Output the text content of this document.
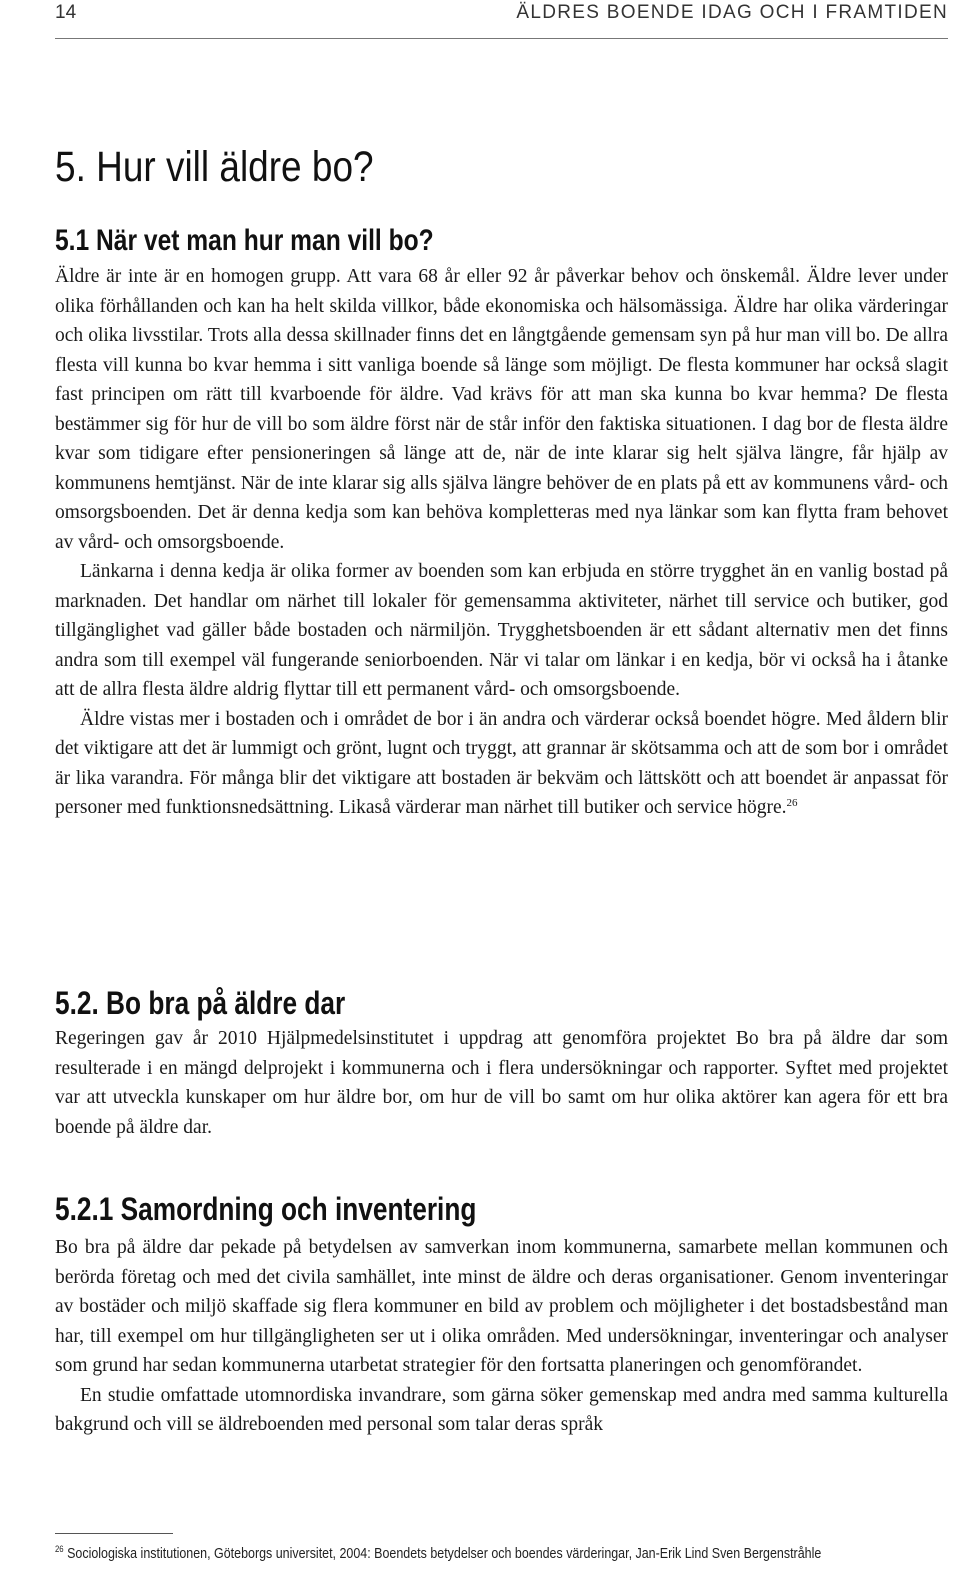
14	ÄLDRES BOENDE IDAG OCH I FRAMTIDEN
5. Hur vill äldre bo?
5.1 När vet man hur man vill bo?

Äldre är inte är en homogen grupp. Att vara 68 år eller 92 år påverkar behov och önskemål. Äldre lever under olika förhållanden och kan ha helt skilda villkor, både ekonomiska och hälsomässiga. Äldre har olika värderingar och olika livsstilar. Trots alla dessa skillnader finns det en långtgående gemensam syn på hur man vill bo. De allra flesta vill kunna bo kvar hemma i sitt vanliga boende så länge som möjligt. De flesta kommuner har också slagit fast principen om rätt till kvarboende för äldre. Vad krävs för att man ska kunna bo kvar hemma? De flesta bestämmer sig för hur de vill bo som äldre först när de står inför den faktiska situationen. I dag bor de flesta äldre kvar som tidigare efter pensioneringen så länge att de, när de inte klarar sig helt själva längre, får hjälp av kommunens hemtjänst. När de inte klarar sig alls själva längre behöver de en plats på ett av kommunens vård- och omsorgsboenden. Det är denna kedja som kan behöva kompletteras med nya länkar som kan flytta fram behovet av vård- och omsorgsboende.

Länkarna i denna kedja är olika former av boenden som kan erbjuda en större trygghet än en vanlig bostad på marknaden. Det handlar om närhet till lokaler för gemensamma aktiviteter, närhet till service och butiker, god tillgänglighet vad gäller både bostaden och närmiljön. Trygghetsboenden är ett sådant alternativ men det finns andra som till exempel väl fungerande seniorboenden. När vi talar om länkar i en kedja, bör vi också ha i åtanke att de allra flesta äldre aldrig flyttar till ett permanent vård- och omsorgsboende.

Äldre vistas mer i bostaden och i området de bor i än andra och värderar också boendet högre. Med åldern blir det viktigare att det är lummigt och grönt, lugnt och tryggt, att grannar är skötsamma och att de som bor i området är lika varandra. För många blir det viktigare att bostaden är bekväm och lättskött och att boendet är anpassat för personer med funktionsnedsättning. Likaså värderar man närhet till butiker och service högre.$^{26}$

5.2. Bo bra på äldre dar

Regeringen gav år 2010 Hjälpmedelsinstitutet i uppdrag att genomföra projektet Bo bra på äldre dar som resulterade i en mängd delprojekt i kommunerna och i flera undersökningar och rapporter. Syftet med projektet var att utveckla kunskaper om hur äldre bor, om hur de vill bo samt om hur olika aktörer kan agera för ett bra boende på äldre dar.

5.2.1 Samordning och inventering

Bo bra på äldre dar pekade på betydelsen av samverkan inom kommunerna, samarbete mellan kommunen och berörda företag och med det civila samhället, inte minst de äldre och deras organisationer. Genom inventeringar av bostäder och miljö skaffade sig flera kommuner en bild av problem och möjligheter i det bostadsbestånd man har, till exempel om hur tillgängligheten ser ut i olika områden. Med undersökningar, inventeringar och analyser som grund har sedan kommunerna utarbetat strategier för den fortsatta planeringen och genomförandet.

En studie omfattade utomnordiska invandrare, som gärna söker gemenskap med andra med samma kulturella bakgrund och vill se äldreboenden med personal som talar deras språk

$^{26}$ Sociologiska institutionen, Göteborgs universitet, 2004: Boendets betydelser och boendes värderingar, Jan-Erik Lind Sven Bergenstråhle
